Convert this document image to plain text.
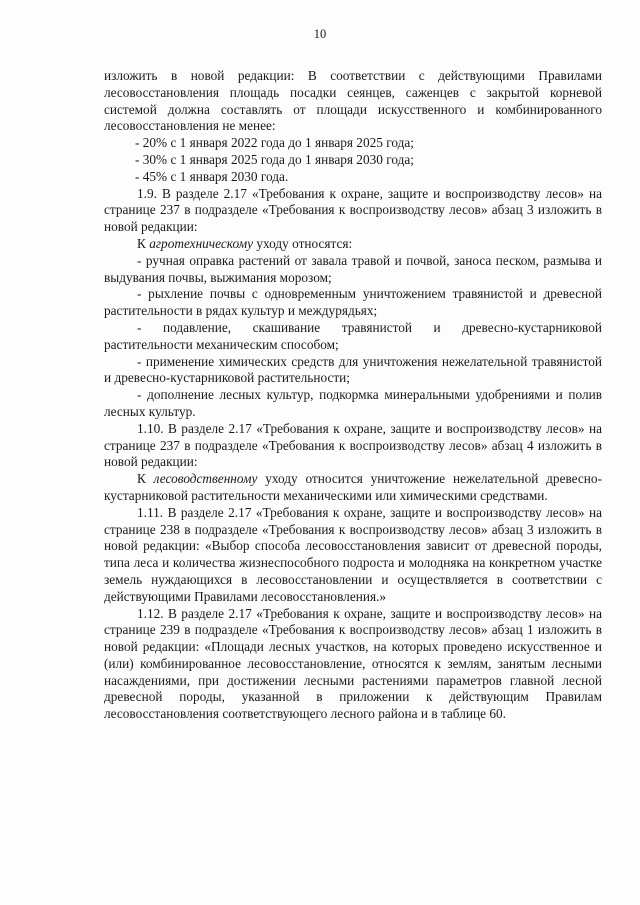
10

изложить в новой редакции: В соответствии с действующими Правилами лесовосстановления площадь посадки сеянцев, саженцев с закрытой корневой системой должна составлять от площади искусственного и комбинированного лесовосстановления не менее:

- 20% с 1 января 2022 года до 1 января 2025 года;

- 30% с 1 января 2025 года до 1 января 2030 года;

- 45% с 1 января 2030 года.

1.9. В разделе 2.17 «Требования к охране, защите и воспроизводству лесов» на странице 237 в подразделе «Требования к воспроизводству лесов» абзац 3 изложить в новой редакции:

К агротехническому уходу относятся:

- ручная оправка растений от завала травой и почвой, заноса песком, размыва и выдувания почвы, выжимания морозом;

- рыхление почвы с одновременным уничтожением травянистой и древесной растительности в рядах культур и междурядьях;

- подавление, скашивание травянистой и древесно-кустарниковой растительности механическим способом;

- применение химических средств для уничтожения нежелательной травянистой и древесно-кустарниковой растительности;

- дополнение лесных культур, подкормка минеральными удобрениями и полив лесных культур.

1.10. В разделе 2.17 «Требования к охране, защите и воспроизводству лесов» на странице 237 в подразделе «Требования к воспроизводству лесов» абзац 4 изложить в новой редакции:

К лесоводственному уходу относится уничтожение нежелательной древесно-кустарниковой растительности механическими или химическими средствами.

1.11. В разделе 2.17 «Требования к охране, защите и воспроизводству лесов» на странице 238 в подразделе «Требования к воспроизводству лесов» абзац 3 изложить в новой редакции: «Выбор способа лесовосстановления зависит от древесной породы, типа леса и количества жизнеспособного подроста и молодняка на конкретном участке земель нуждающихся в лесовосстановлении и осуществляется в соответствии с действующими Правилами лесовосстановления.»

1.12. В разделе 2.17 «Требования к охране, защите и воспроизводству лесов» на странице 239 в подразделе «Требования к воспроизводству лесов» абзац 1 изложить в новой редакции: «Площади лесных участков, на которых проведено искусственное и (или) комбинированное лесовосстановление, относятся к землям, занятым лесными насаждениями, при достижении лесными растениями параметров главной лесной древесной породы, указанной в приложении к действующим Правилам лесовосстановления соответствующего лесного района и в таблице 60.
